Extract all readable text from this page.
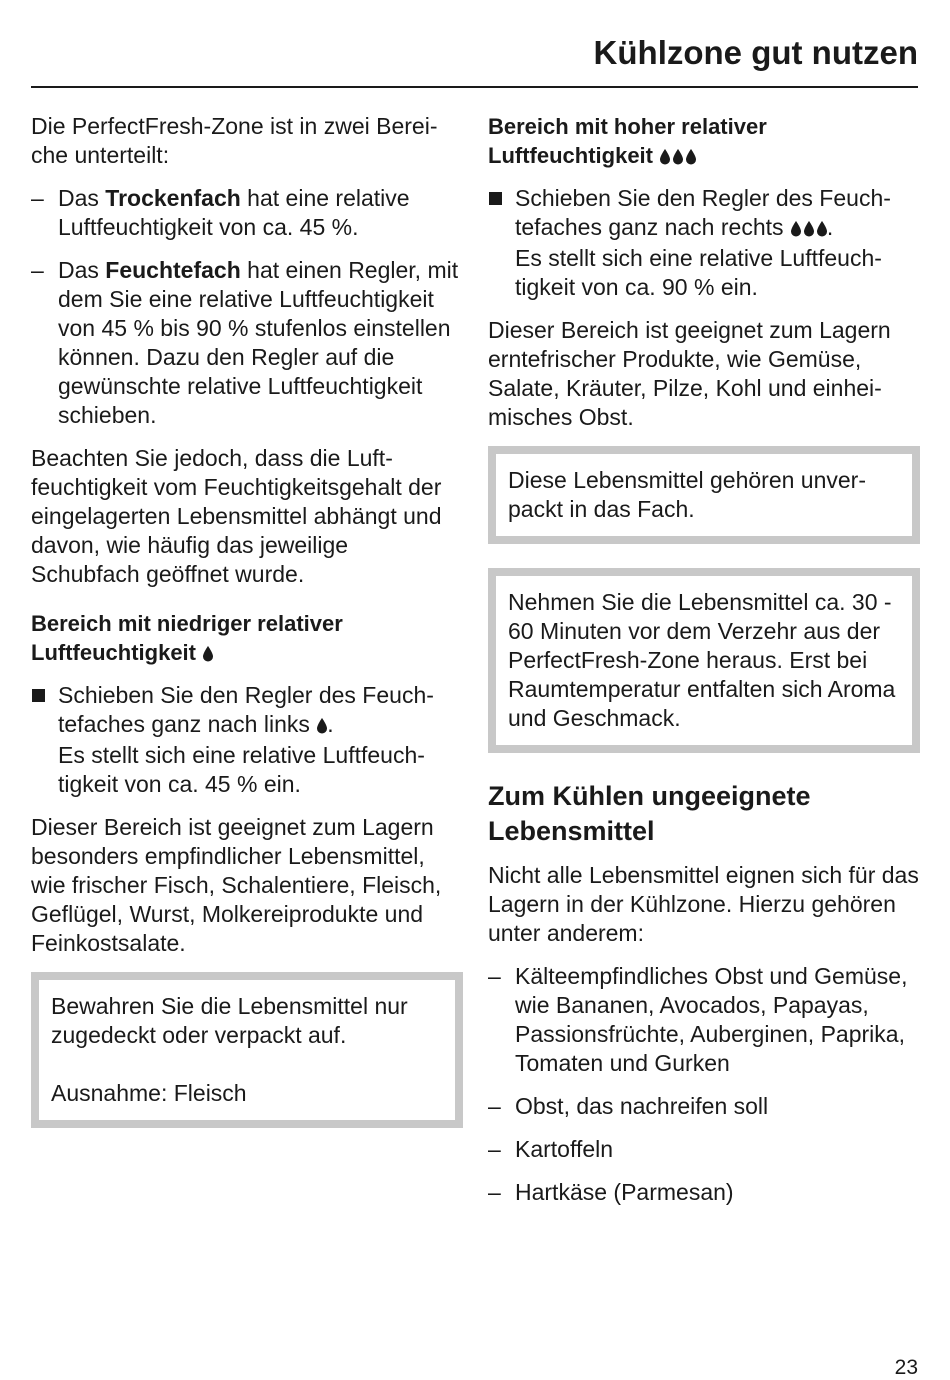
Kühlzone gut nutzen

Die PerfectFresh-Zone ist in zwei Bereiche unterteilt:

– Das Trockenfach hat eine relative Luftfeuchtigkeit von ca. 45 %.
– Das Feuchtefach hat einen Regler, mit dem Sie eine relative Luftfeuchtigkeit von 45 % bis 90 % stufenlos einstellen können. Dazu den Regler auf die gewünschte relative Luftfeuchtigkeit schieben.

Beachten Sie jedoch, dass die Luftfeuchtigkeit vom Feuchtigkeitsgehalt der eingelagerten Lebensmittel abhängt und davon, wie häufig das jeweilige Schubfach geöffnet wurde.

Bereich mit niedriger relativer
Luftfeuchtigkeit
Schieben Sie den Regler des Feuchtefaches ganz nach links .
Es stellt sich eine relative Luftfeuchtigkeit von ca. 45 % ein.

Dieser Bereich ist geeignet zum Lagern besonders empfindlicher Lebensmittel, wie frischer Fisch, Schalentiere, Fleisch, Geflügel, Wurst, Molkereiprodukte und Feinkostsalate.

Bewahren Sie die Lebensmittel nur zugedeckt oder verpackt auf.

Ausnahme: Fleisch

Bereich mit hoher relativer
Luftfeuchtigkeit
Schieben Sie den Regler des Feuchtefaches ganz nach rechts .
Es stellt sich eine relative Luftfeuchtigkeit von ca. 90 % ein.

Dieser Bereich ist geeignet zum Lagern erntefrischer Produkte, wie Gemüse, Salate, Kräuter, Pilze, Kohl und einheimisches Obst.

Diese Lebensmittel gehören unverpackt in das Fach.

Nehmen Sie die Lebensmittel ca. 30 - 60 Minuten vor dem Verzehr aus der PerfectFresh-Zone heraus. Erst bei Raumtemperatur entfalten sich Aroma und Geschmack.

Zum Kühlen ungeeignete Lebensmittel

Nicht alle Lebensmittel eignen sich für das Lagern in der Kühlzone. Hierzu gehören unter anderem:

– Kälteempfindliches Obst und Gemüse, wie Bananen, Avocados, Papayas, Passionsfrüchte, Auberginen, Paprika, Tomaten und Gurken
– Obst, das nachreifen soll
– Kartoffeln
– Hartkäse (Parmesan)
23
